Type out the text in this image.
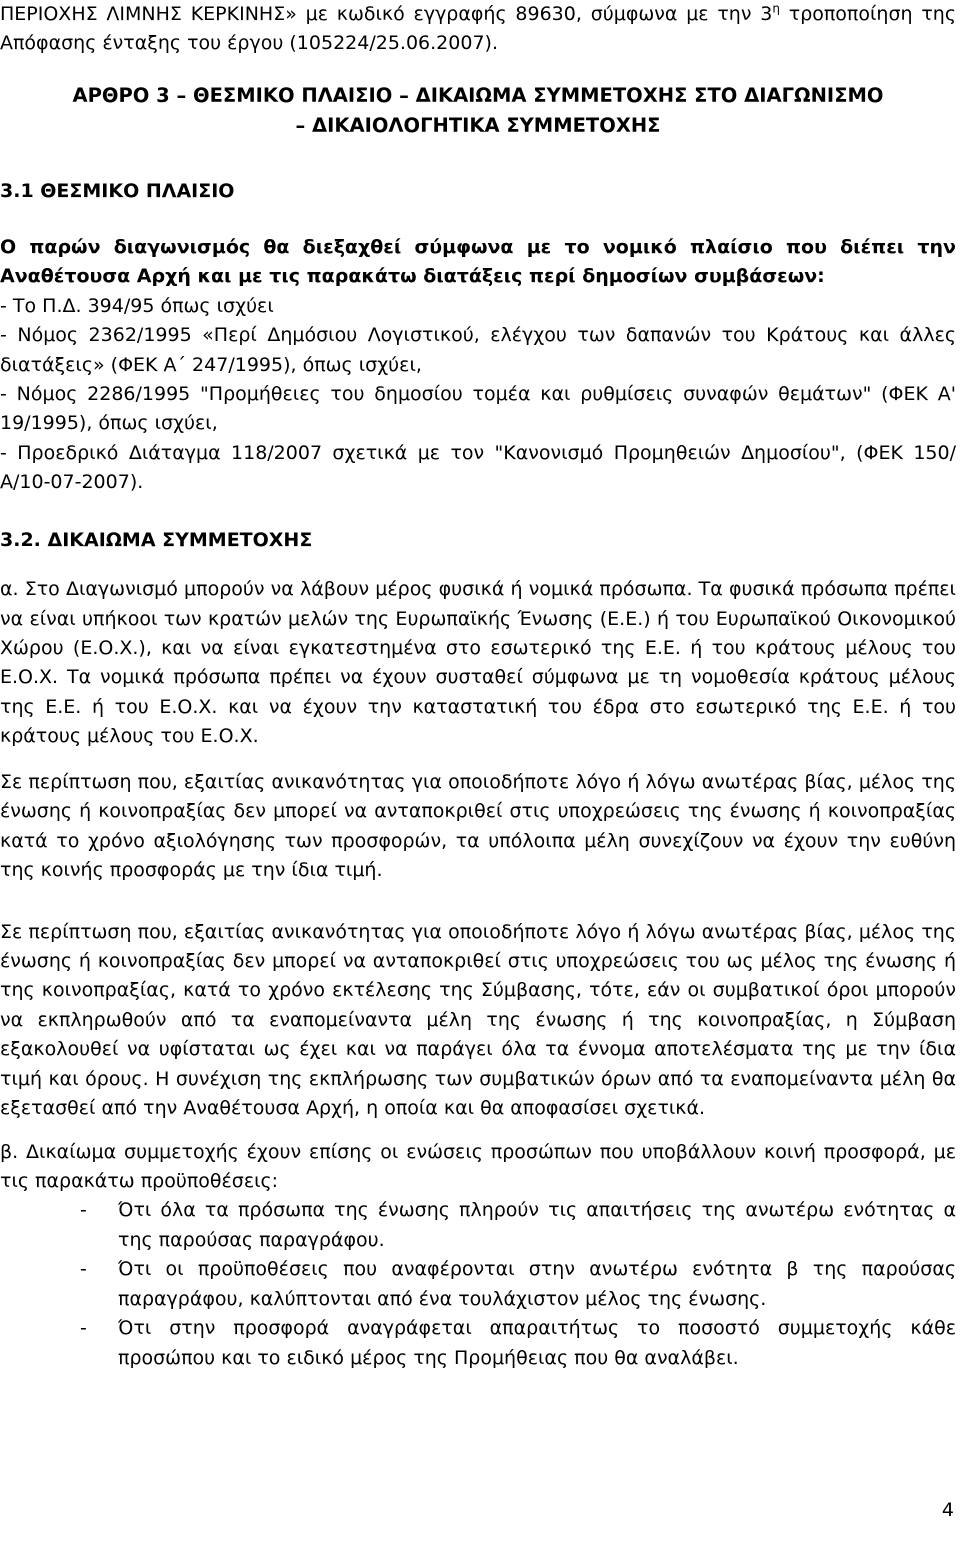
ΠΕΡΙΟΧΗΣ ΛΙΜΝΗΣ ΚΕΡΚΙΝΗΣ» με κωδικό εγγραφής 89630, σύμφωνα με την $3^\eta$ τροποποίηση της Απόφασης ένταξης του έργου (105224/25.06.2007).

ΑΡΘΡΟ 3 – ΘΕΣΜΙΚΟ ΠΛΑΙΣΙΟ – ΔΙΚΑΙΩΜΑ ΣΥΜΜΕΤΟΧΗΣ ΣΤΟ ΔΙΑΓΩΝΙΣΜΟ
– ΔΙΚΑΙΟΛΟΓΗΤΙΚΑ ΣΥΜΜΕΤΟΧΗΣ
3.1 ΘΕΣΜΙΚΟ ΠΛΑΙΣΙΟ

Ο παρών διαγωνισμός θα διεξαχθεί σύμφωνα με το νομικό πλαίσιο που διέπει την Αναθέτουσα Αρχή και με τις παρακάτω διατάξεις περί δημοσίων συμβάσεων:

- Το Π.Δ. 394/95 όπως ισχύει

- Νόμος 2362/1995 «Περί Δημόσιου Λογιστικού, ελέγχου των δαπανών του Κράτους και άλλες διατάξεις» (ΦΕΚ Α΄ 247/1995), όπως ισχύει,

- Νόμος 2286/1995 "Προμήθειες του δημοσίου τομέα και ρυθμίσεις συναφών θεμάτων" (ΦΕΚ Α' 19/1995), όπως ισχύει,

- Προεδρικό Διάταγμα 118/2007 σχετικά με τον "Κανονισμό Προμηθειών Δημοσίου", (ΦΕΚ 150/Α/10-07-2007).

3.2. ΔΙΚΑΙΩΜΑ ΣΥΜΜΕΤΟΧΗΣ

α. Στο Διαγωνισμό μπορούν να λάβουν μέρος φυσικά ή νομικά πρόσωπα. Τα φυσικά πρόσωπα πρέπει να είναι υπήκοοι των κρατών μελών της Ευρωπαϊκής Ένωσης (Ε.Ε.) ή του Ευρωπαϊκού Οικονομικού Χώρου (Ε.Ο.Χ.), και να είναι εγκατεστημένα στο εσωτερικό της Ε.Ε. ή του κράτους μέλους του Ε.Ο.Χ. Τα νομικά πρόσωπα πρέπει να έχουν συσταθεί σύμφωνα με τη νομοθεσία κράτους μέλους της Ε.Ε. ή του Ε.Ο.Χ. και να έχουν την καταστατική του έδρα στο εσωτερικό της Ε.Ε. ή του κράτους μέλους του Ε.Ο.Χ.

Σε περίπτωση που, εξαιτίας ανικανότητας για οποιοδήποτε λόγο ή λόγω ανωτέρας βίας, μέλος της ένωσης ή κοινοπραξίας δεν μπορεί να ανταποκριθεί στις υποχρεώσεις της ένωσης ή κοινοπραξίας κατά το χρόνο αξιολόγησης των προσφορών, τα υπόλοιπα μέλη συνεχίζουν να έχουν την ευθύνη της κοινής προσφοράς με την ίδια τιμή.

Σε περίπτωση που, εξαιτίας ανικανότητας για οποιοδήποτε λόγο ή λόγω ανωτέρας βίας, μέλος της ένωσης ή κοινοπραξίας δεν μπορεί να ανταποκριθεί στις υποχρεώσεις του ως μέλος της ένωσης ή της κοινοπραξίας, κατά το χρόνο εκτέλεσης της Σύμβασης, τότε, εάν οι συμβατικοί όροι μπορούν να εκπληρωθούν από τα εναπομείναντα μέλη της ένωσης ή της κοινοπραξίας, η Σύμβαση εξακολουθεί να υφίσταται ως έχει και να παράγει όλα τα έννομα αποτελέσματα της με την ίδια τιμή και όρους. Η συνέχιση της εκπλήρωσης των συμβατικών όρων από τα εναπομείναντα μέλη θα εξετασθεί από την Αναθέτουσα Αρχή, η οποία και θα αποφασίσει σχετικά.

β. Δικαίωμα συμμετοχής έχουν επίσης οι ενώσεις προσώπων που υποβάλλουν κοινή προσφορά, με τις παρακάτω προϋποθέσεις:

- Ότι όλα τα πρόσωπα της ένωσης πληρούν τις απαιτήσεις της ανωτέρω ενότητας α της παρούσας παραγράφου.
- Ότι οι προϋποθέσεις που αναφέρονται στην ανωτέρω ενότητα β της παρούσας παραγράφου, καλύπτονται από ένα τουλάχιστον μέλος της ένωσης.
- Ότι στην προσφορά αναγράφεται απαραιτήτως το ποσοστό συμμετοχής κάθε προσώπου και το ειδικό μέρος της Προμήθειας που θα αναλάβει.
4
